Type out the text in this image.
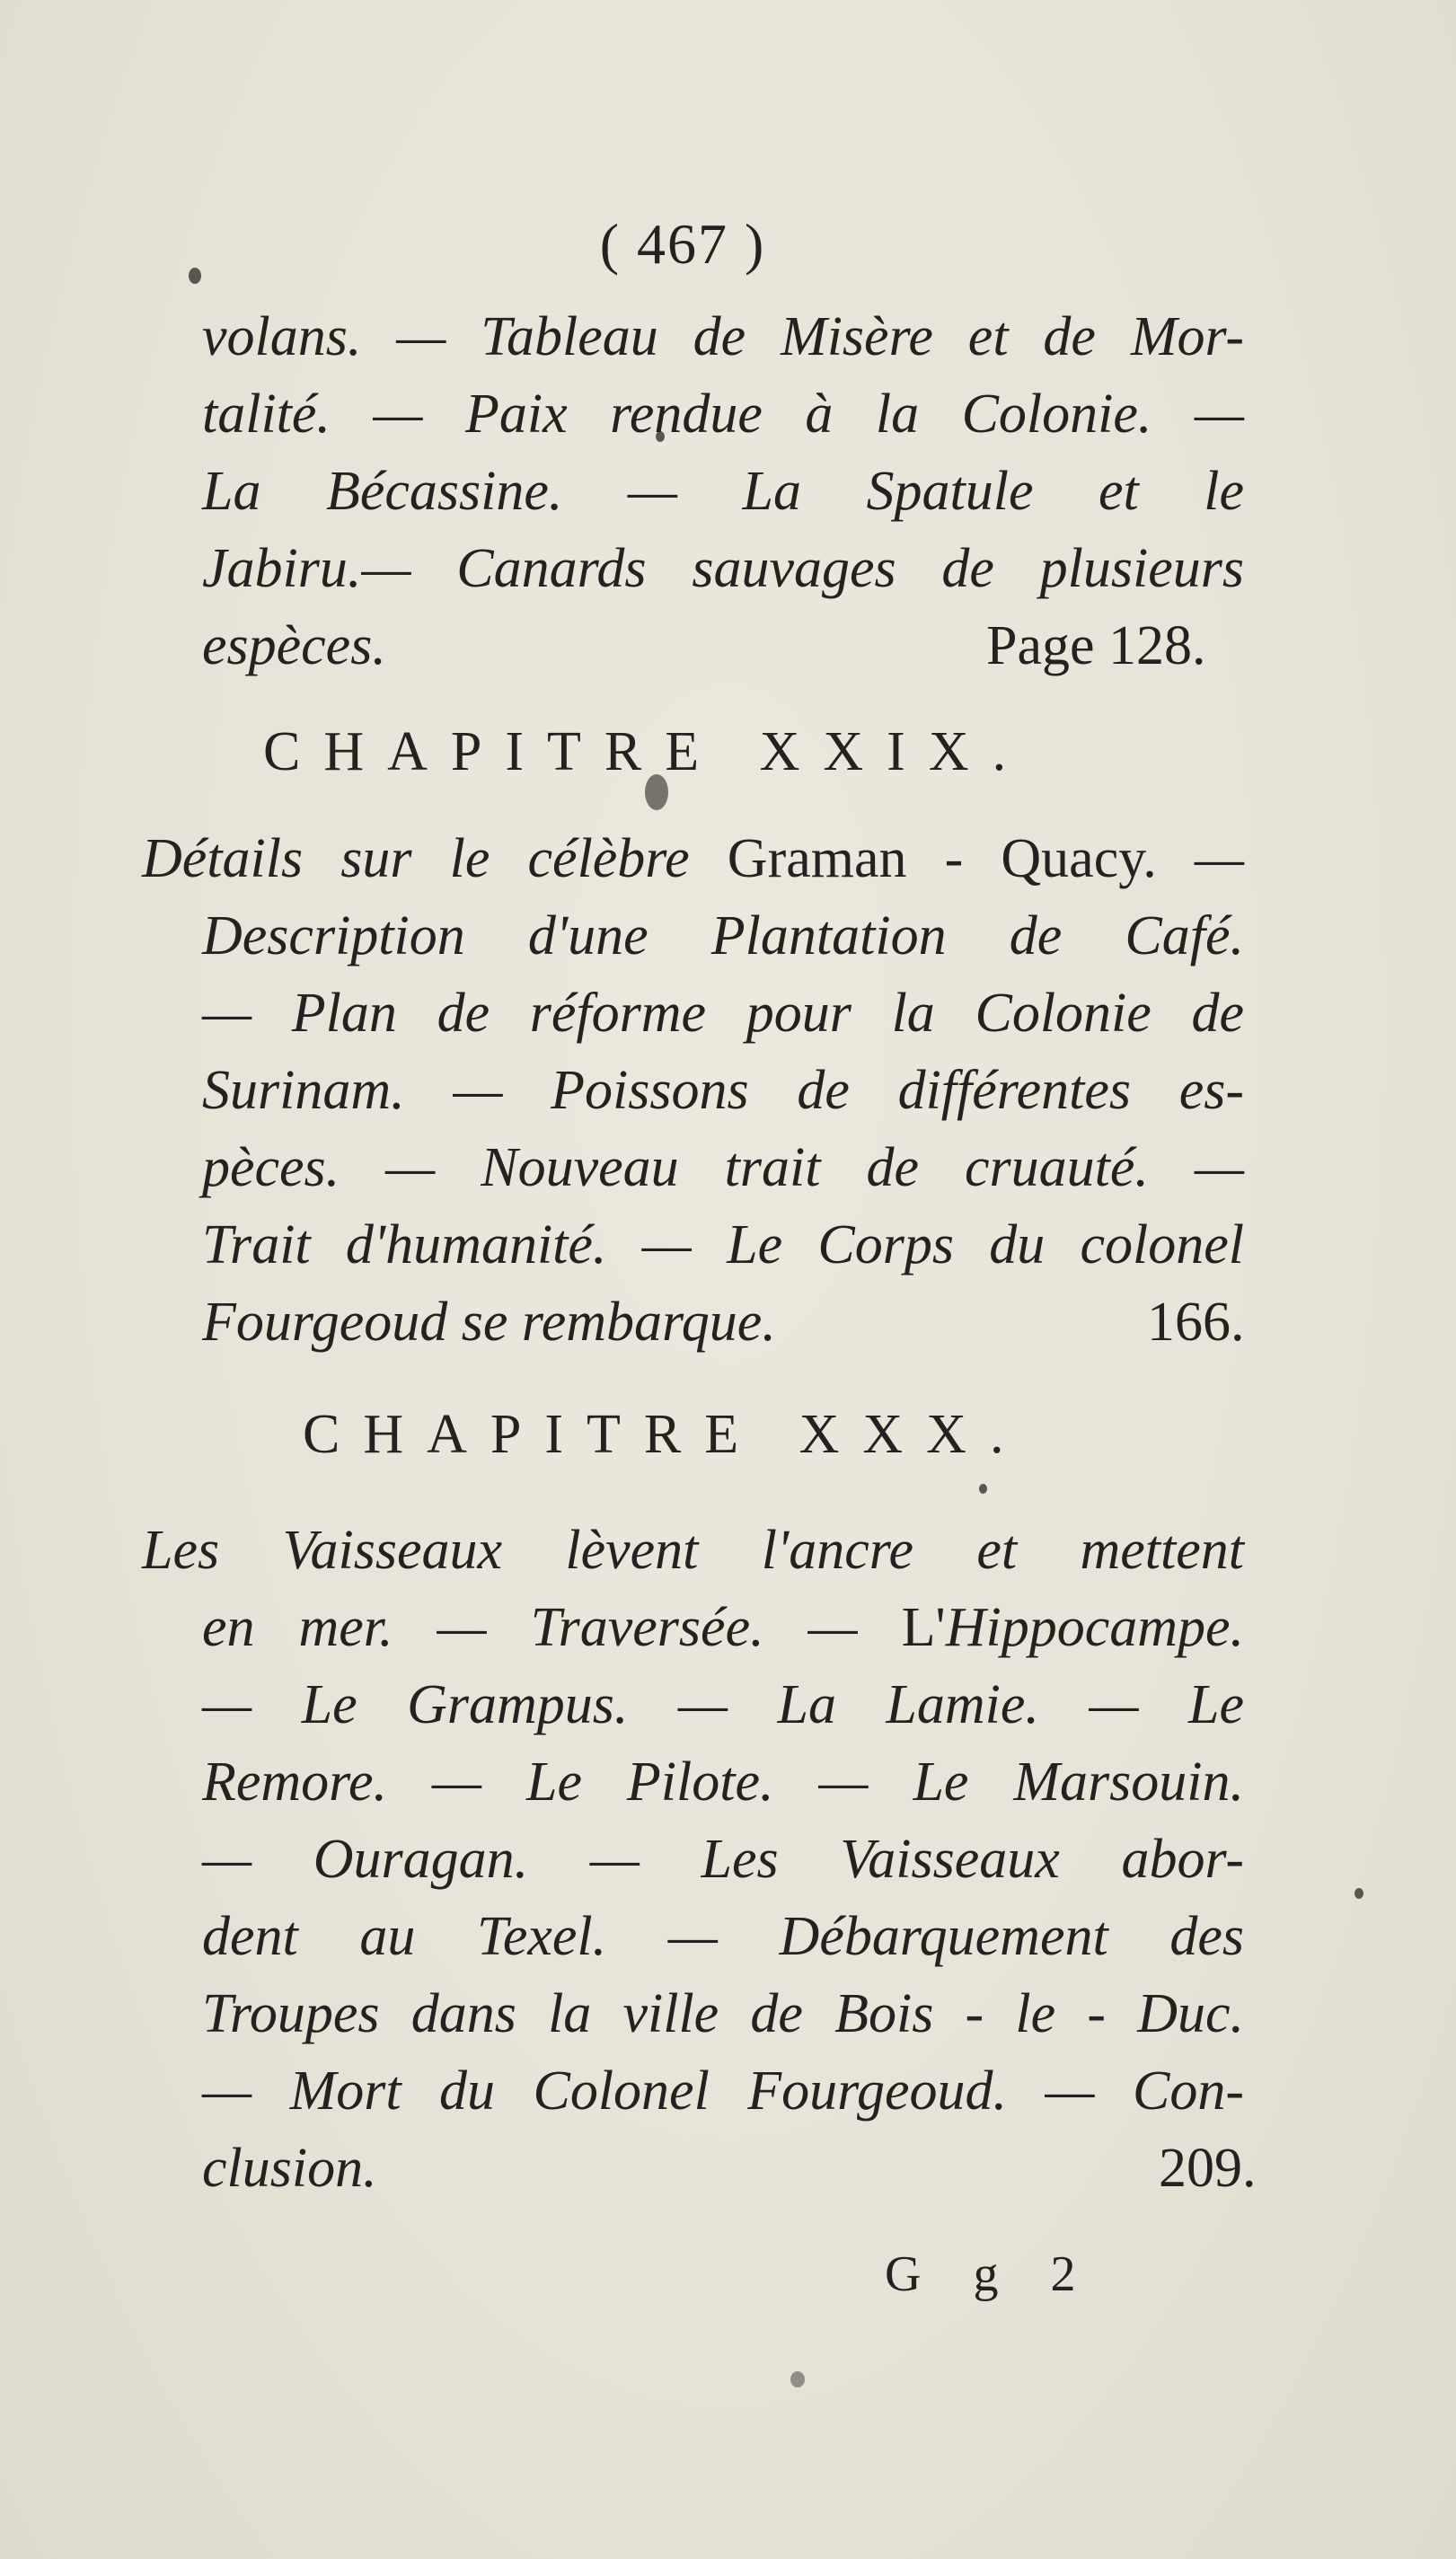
( 467 )
volans. — Tableau de Misère et de Mor-
talité. — Paix rendue à la Colonie. —
La Bécassine. — La Spatule et le
Jabiru.— Canards sauvages de plusieurs
espèces.	Page 128.
CHAPITRE XXIX.
Détails sur le célèbre Graman - Quacy. —
Description d'une Plantation de Café.
— Plan de réforme pour la Colonie de
Surinam. — Poissons de différentes es-
pèces. — Nouveau trait de cruauté. —
Trait d'humanité. — Le Corps du colonel
Fourgeoud se rembarque.	166.
CHAPITRE XXX.
Les Vaisseaux lèvent l'ancre et mettent
en mer. — Traversée. — L'Hippocampe.
— Le Grampus. — La Lamie. — Le
Remore. — Le Pilote. — Le Marsouin.
— Ouragan. — Les Vaisseaux abor-
dent au Texel. — Débarquement des
Troupes dans la ville de Bois - le - Duc.
— Mort du Colonel Fourgeoud. — Con-
clusion.	209.
G g 2
